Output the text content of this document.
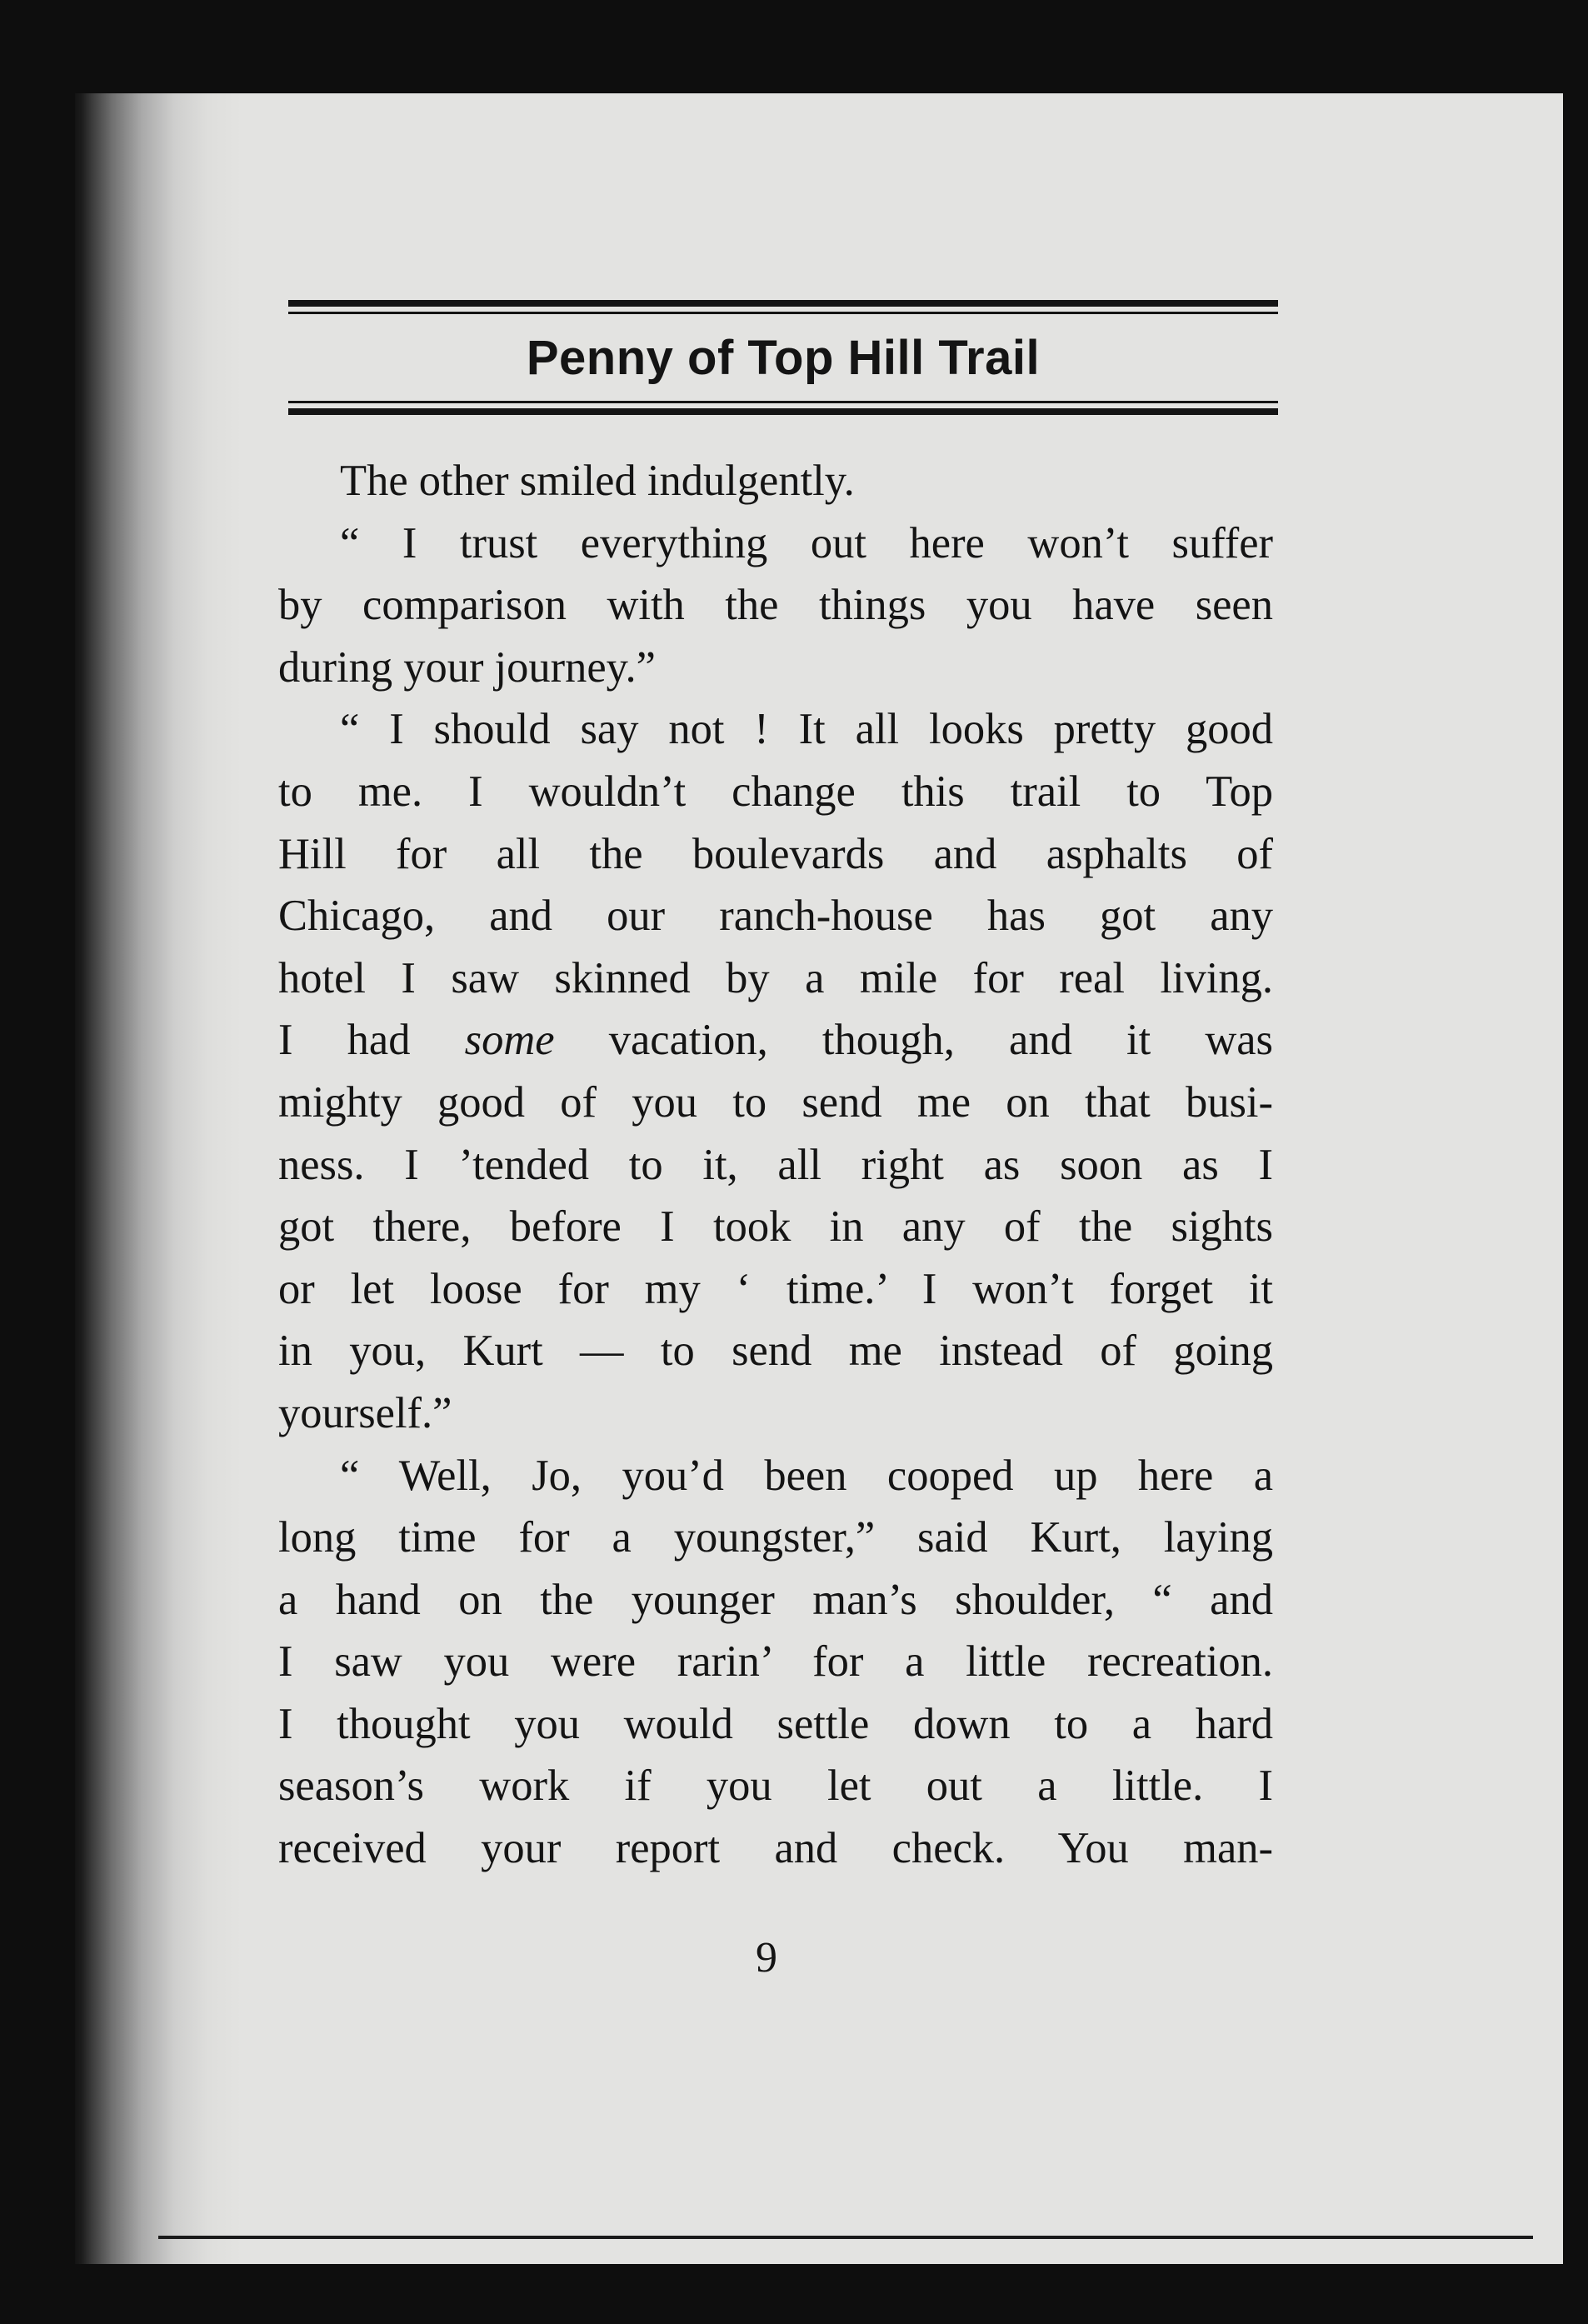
Penny of Top Hill Trail
The other smiled indulgently.
“ I trust everything out here won’t suffer
by comparison with the things you have seen
during your journey.”
“ I should say not ! It all looks pretty good
to me. I wouldn’t change this trail to Top
Hill for all the boulevards and asphalts of
Chicago, and our ranch-house has got any
hotel I saw skinned by a mile for real living.
I had some vacation, though, and it was
mighty good of you to send me on that busi-
ness. I ’tended to it, all right as soon as I
got there, before I took in any of the sights
or let loose for my ‘ time.’ I won’t forget it
in you, Kurt — to send me instead of going
yourself.”
“ Well, Jo, you’d been cooped up here a
long time for a youngster,” said Kurt, laying
a hand on the younger man’s shoulder, “ and
I saw you were rarin’ for a little recreation.
I thought you would settle down to a hard
season’s work if you let out a little. I
received your report and check. You man-
9
